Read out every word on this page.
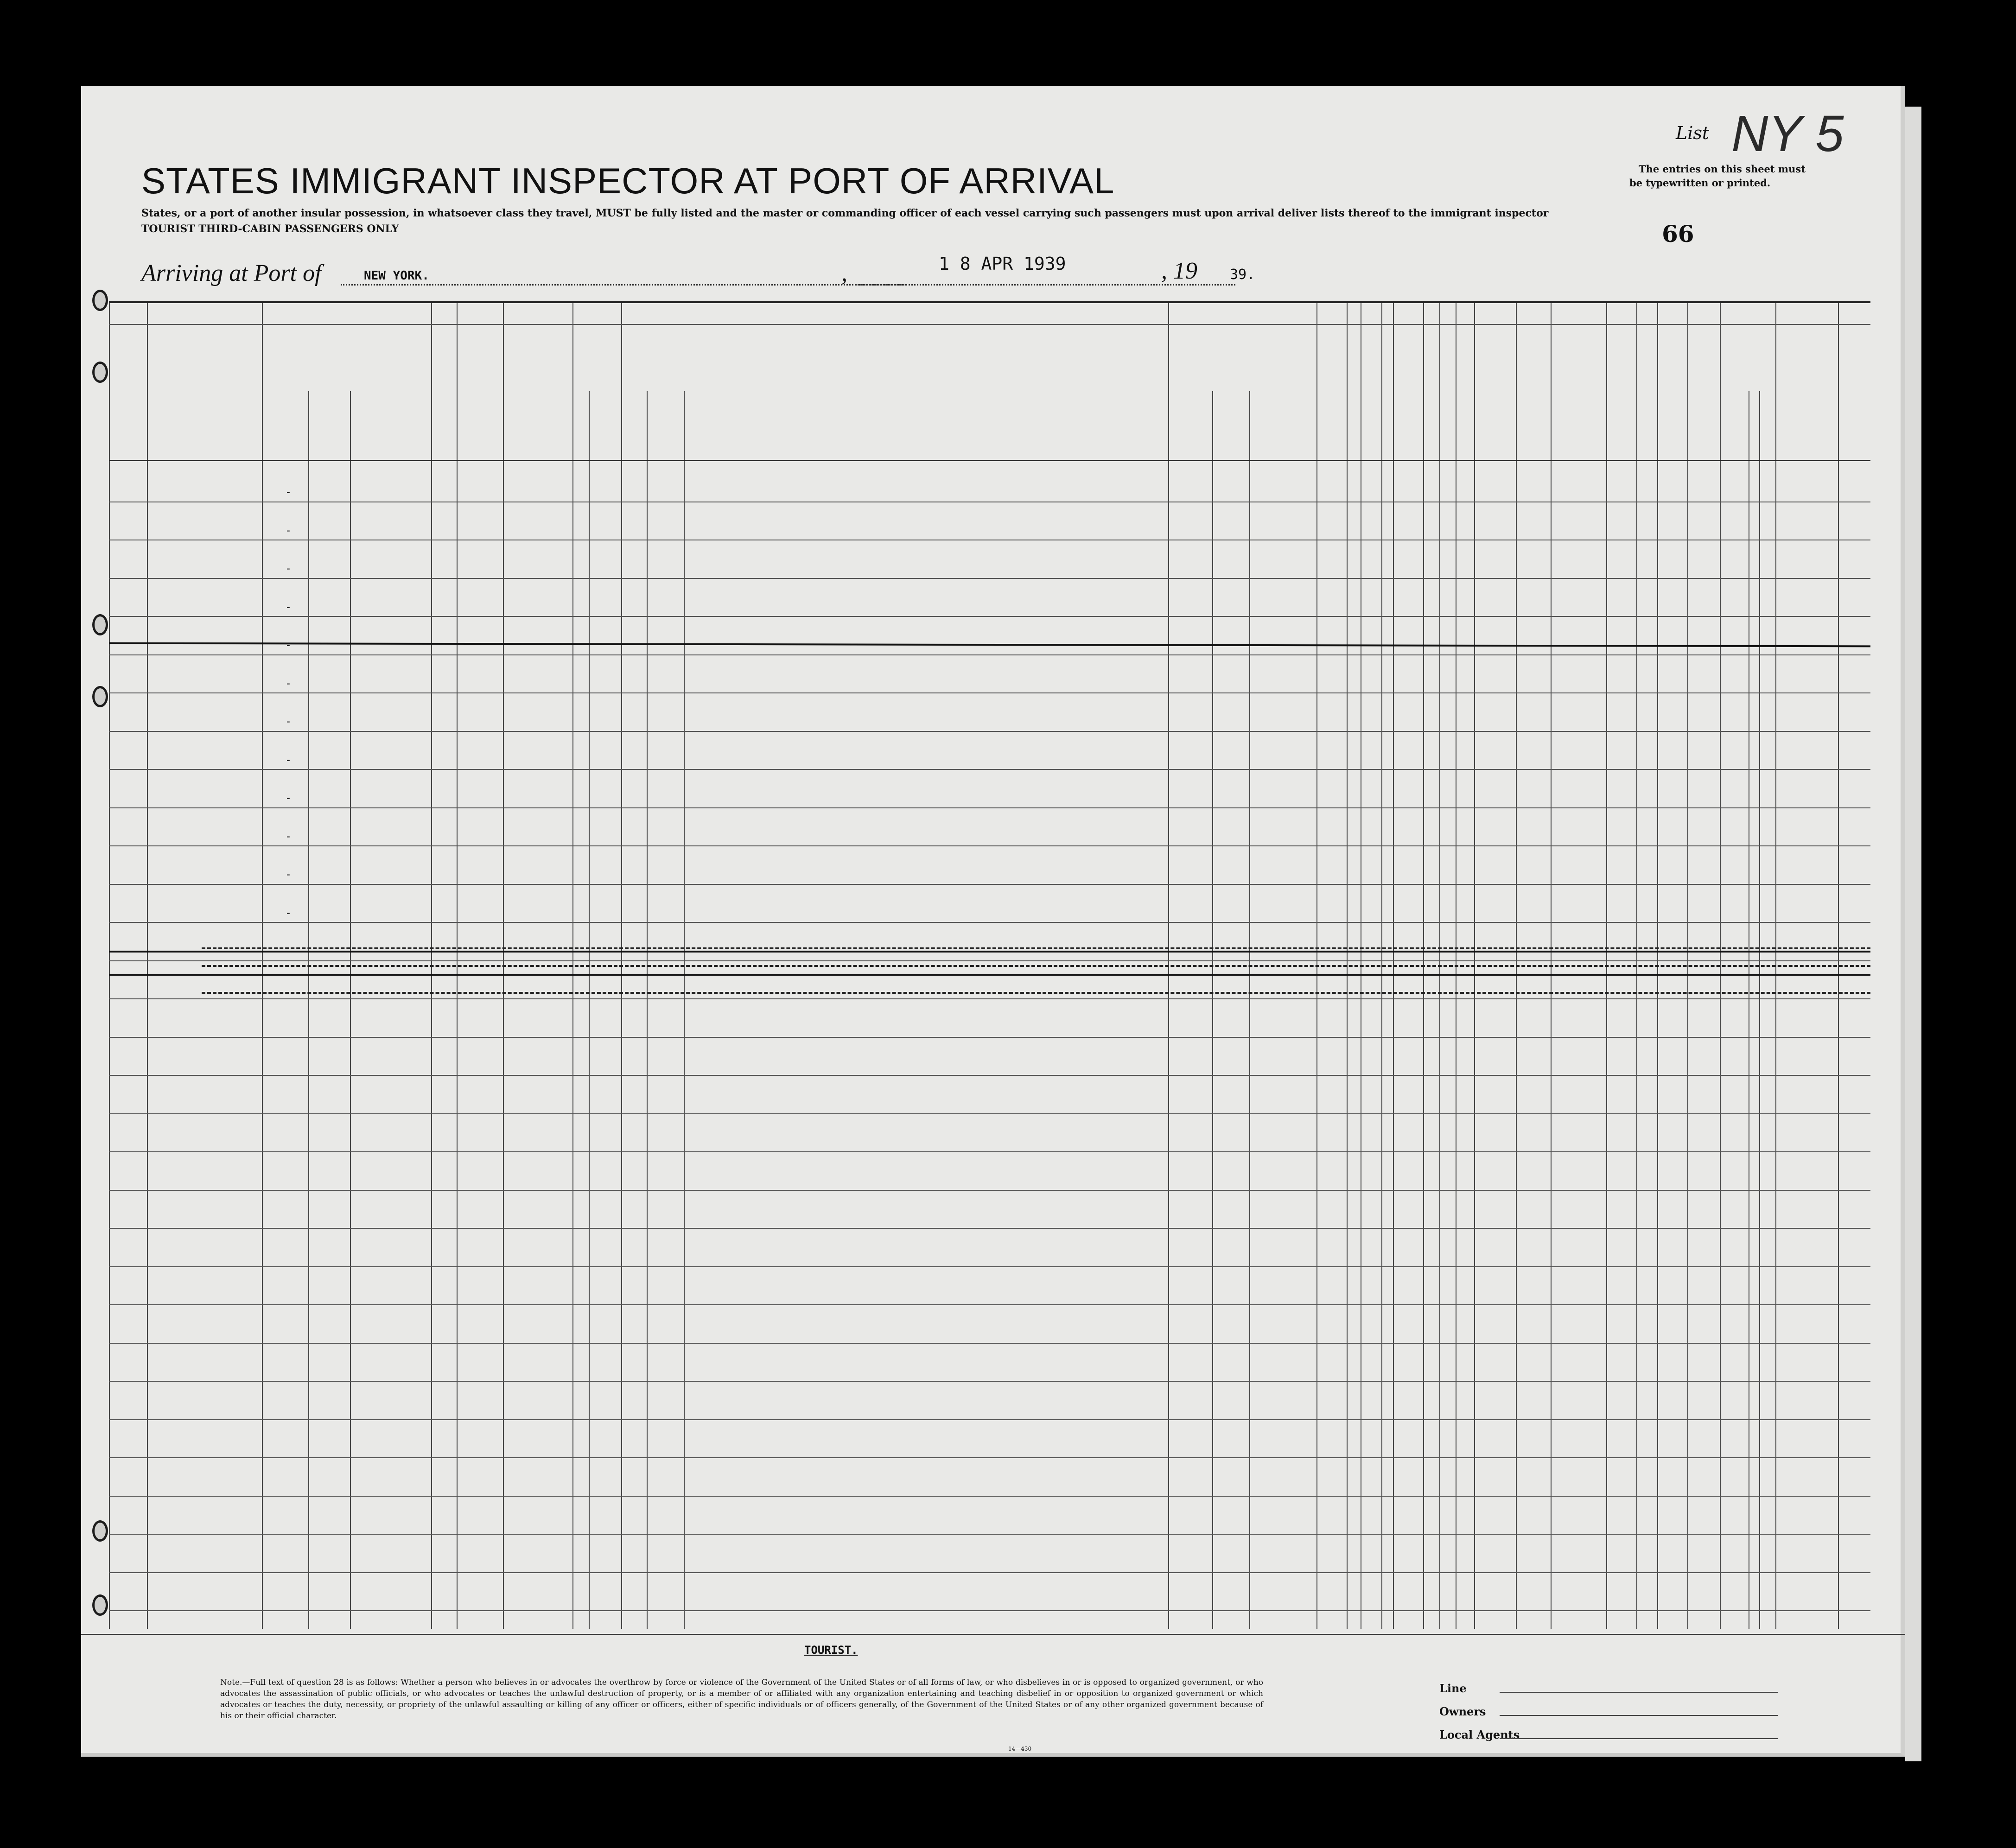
STATES IMMIGRANT INSPECTOR AT PORT OF ARRIVAL
States, or a port of another insular possession, in whatsoever class they travel, MUST be fully listed and the master or commanding officer of each vessel carrying such passengers must upon arrival deliver lists thereof to the immigrant inspector
TOURIST THIRD-CABIN PASSENGERS ONLY
List NY 5
The entries on this sheet must
be typewritten or printed.
66
Arriving at Port of	NEW YORK.	,	1 8 APR 1939	, 19 39.
-
-
-
-
-
-
-
-
-
-
-
-
TOURIST.
Note.—Full text of question 28 is as follows: Whether a person who believes in or advocates the overthrow by force or violence of the Government of the United States or of all forms of law, or who disbelieves in or is opposed to organized government, or who advocates the assassination of public officials, or who advocates or teaches the unlawful destruction of property, or is a member of or affiliated with any organization entertaining and teaching disbelief in or opposition to organized government or which advocates or teaches the duty, necessity, or propriety of the unlawful assaulting or killing of any officer or officers, either of specific individuals or of officers generally, of the Government of the United States or of any other organized government because of his or their official character.
14—430
Line
Owners
Local Agents
